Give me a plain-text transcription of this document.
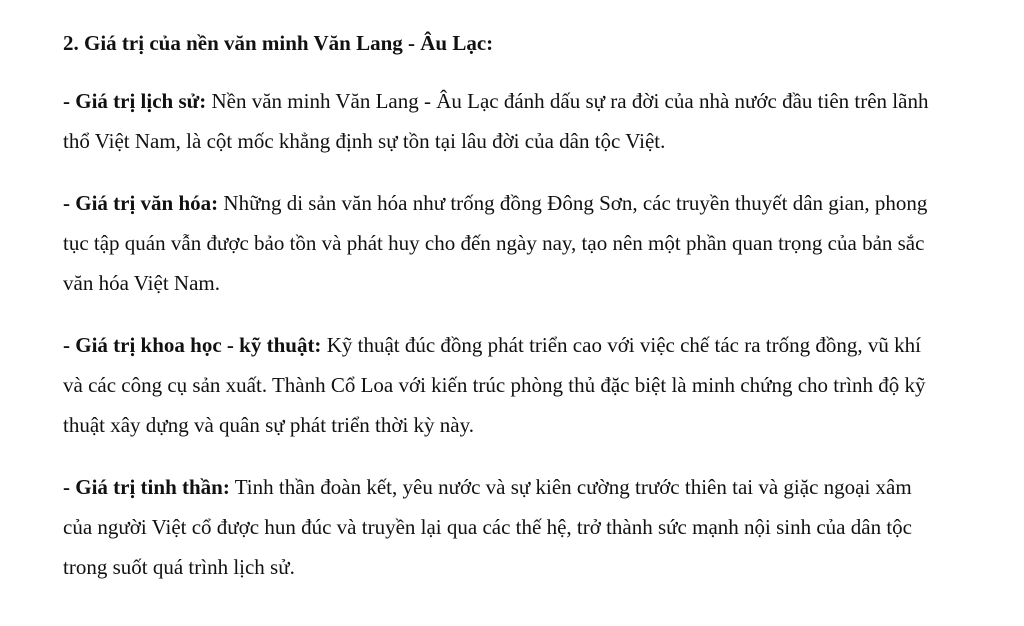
2. Giá trị của nền văn minh Văn Lang - Âu Lạc:

- Giá trị lịch sử: Nền văn minh Văn Lang - Âu Lạc đánh dấu sự ra đời của nhà nước đầu tiên trên lãnh thổ Việt Nam, là cột mốc khẳng định sự tồn tại lâu đời của dân tộc Việt.

- Giá trị văn hóa: Những di sản văn hóa như trống đồng Đông Sơn, các truyền thuyết dân gian, phong tục tập quán vẫn được bảo tồn và phát huy cho đến ngày nay, tạo nên một phần quan trọng của bản sắc văn hóa Việt Nam.

- Giá trị khoa học - kỹ thuật: Kỹ thuật đúc đồng phát triển cao với việc chế tác ra trống đồng, vũ khí và các công cụ sản xuất. Thành Cổ Loa với kiến trúc phòng thủ đặc biệt là minh chứng cho trình độ kỹ thuật xây dựng và quân sự phát triển thời kỳ này.

- Giá trị tinh thần: Tinh thần đoàn kết, yêu nước và sự kiên cường trước thiên tai và giặc ngoại xâm của người Việt cổ được hun đúc và truyền lại qua các thế hệ, trở thành sức mạnh nội sinh của dân tộc trong suốt quá trình lịch sử.
